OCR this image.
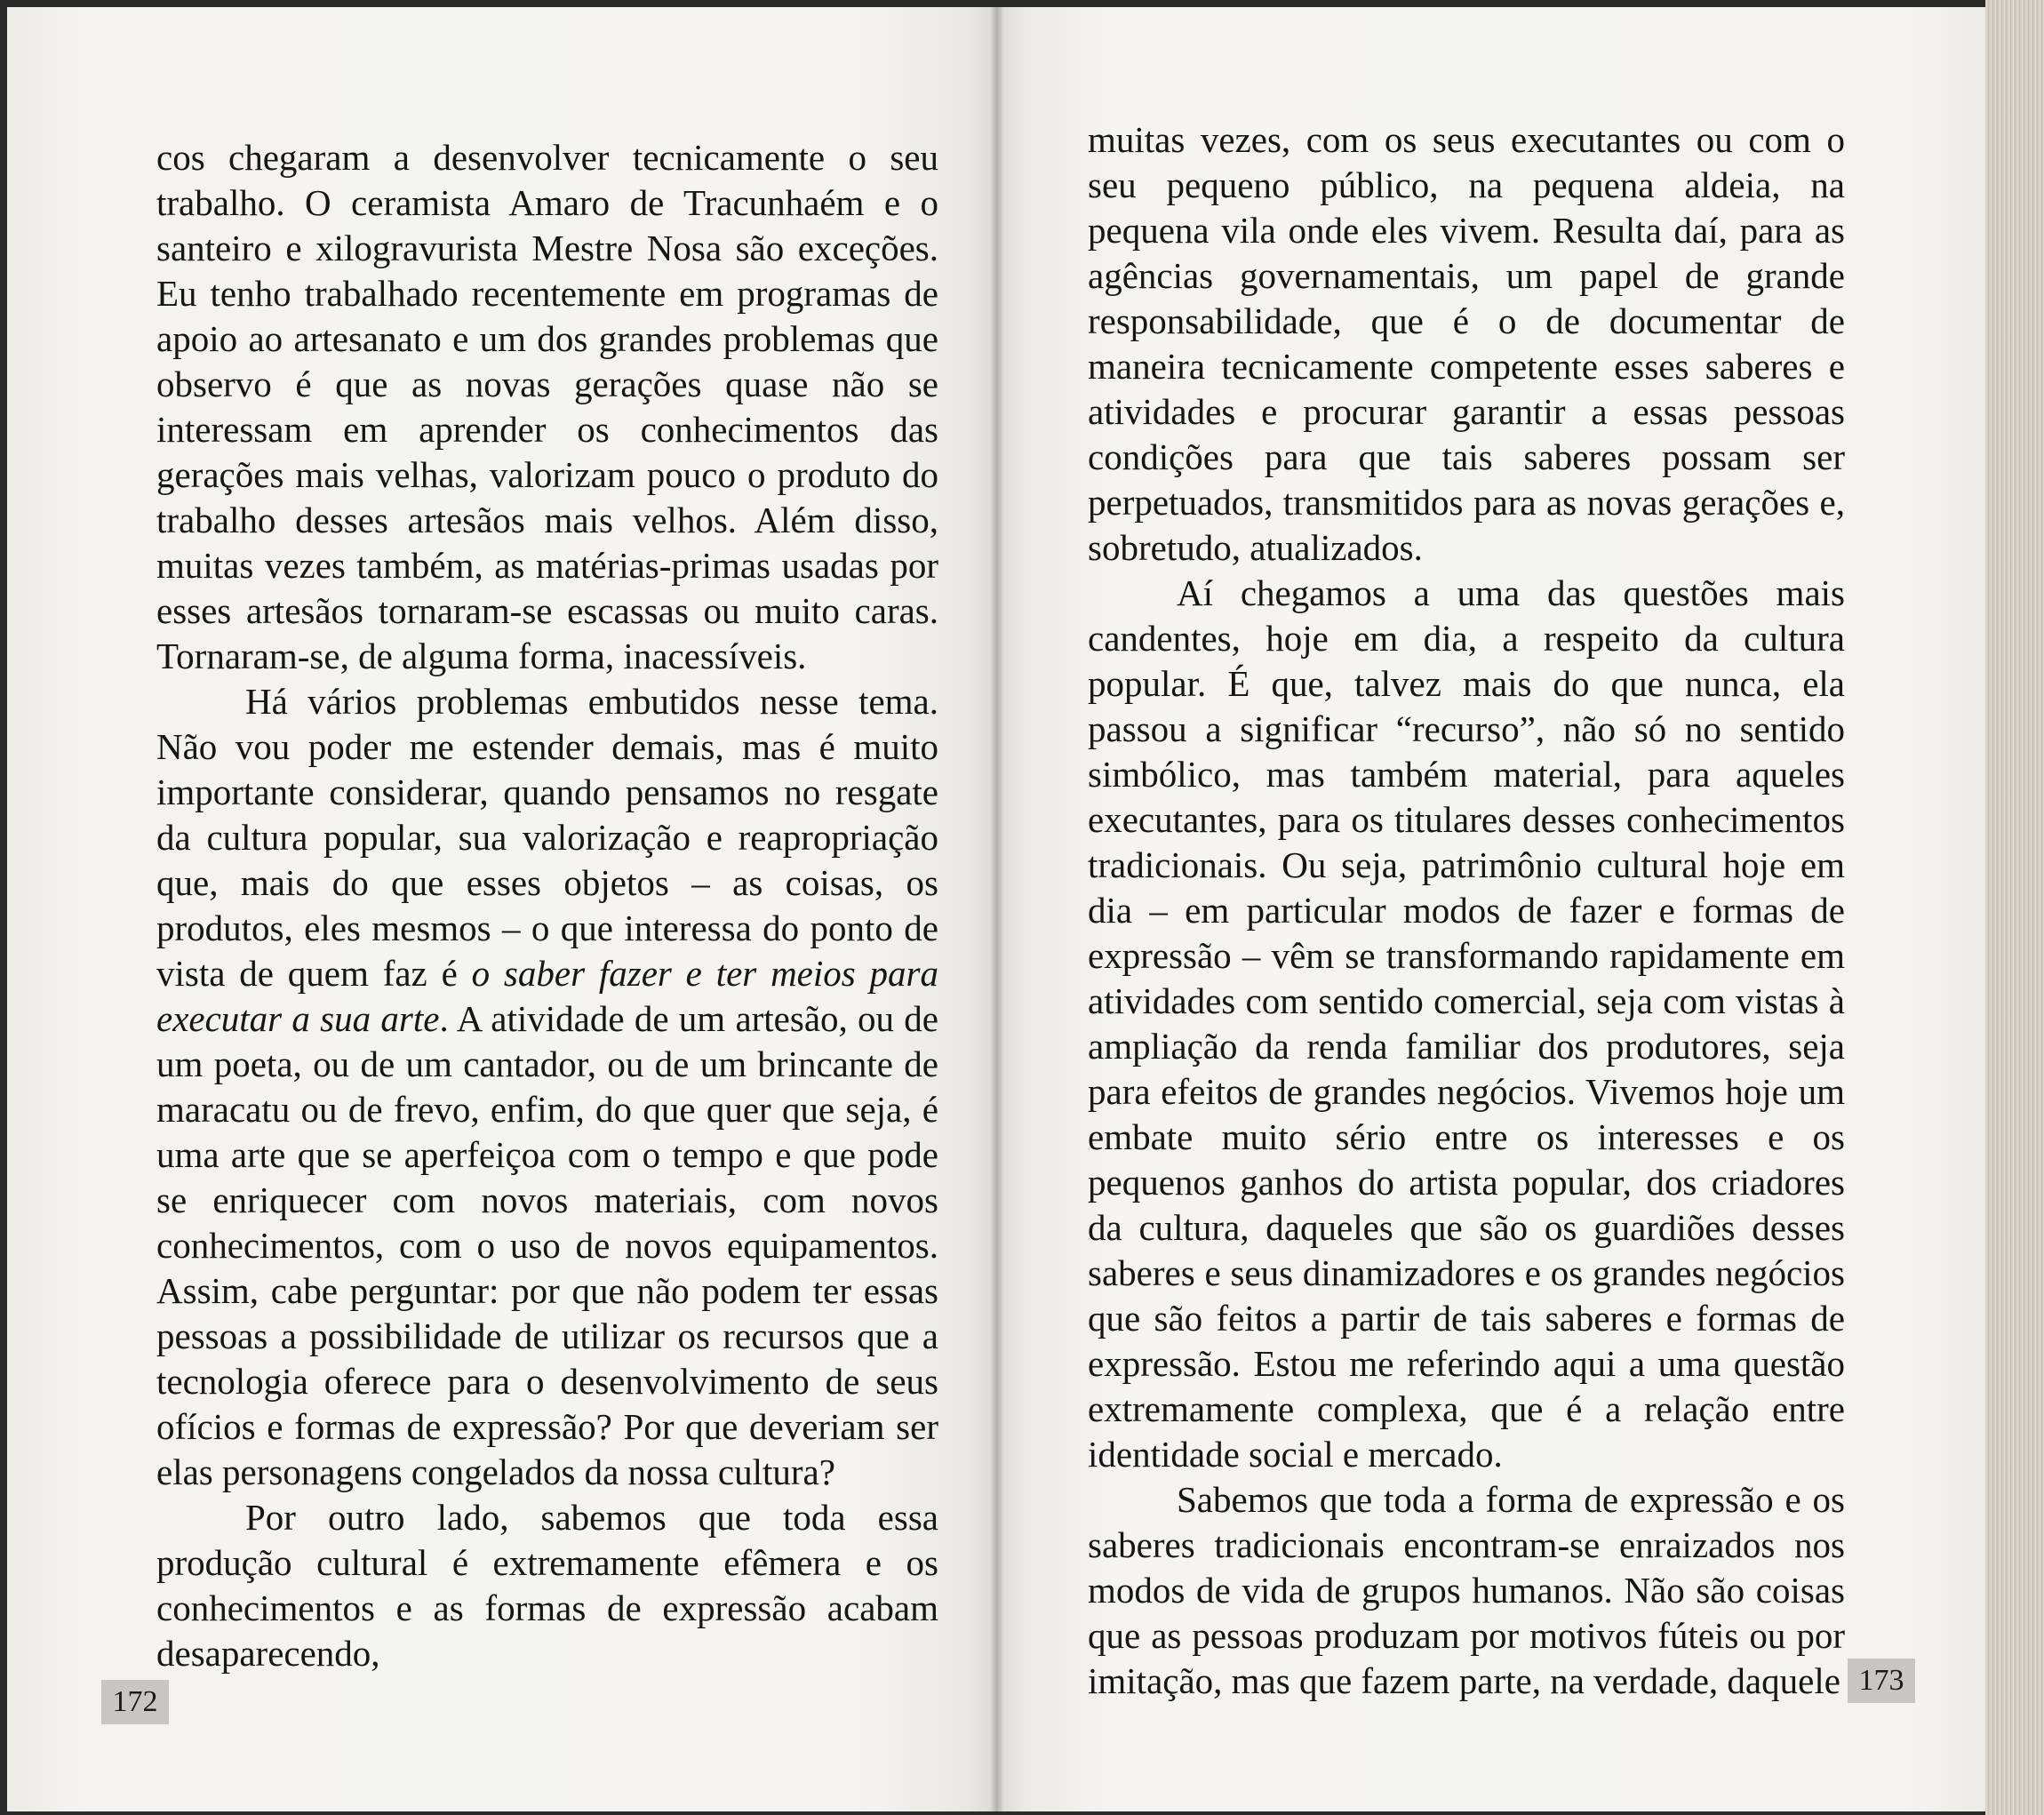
cos chegaram a desenvolver tecnicamente o seu trabalho. O ceramista Amaro de Tracunhaém e o santeiro e xilogravurista Mestre Nosa são exceções. Eu tenho trabalhado recentemente em programas de apoio ao artesanato e um dos grandes problemas que observo é que as novas gerações quase não se interessam em aprender os conhecimentos das gerações mais velhas, valorizam pouco o produto do trabalho desses artesãos mais velhos. Além disso, muitas vezes também, as matérias-primas usadas por esses artesãos tornaram-se escassas ou muito caras. Tornaram-se, de alguma forma, inacessíveis.

Há vários problemas embutidos nesse tema. Não vou poder me estender demais, mas é muito importante considerar, quando pensamos no resgate da cultura popular, sua valorização e reapropriação que, mais do que esses objetos – as coisas, os produtos, eles mesmos – o que interessa do ponto de vista de quem faz é o saber fazer e ter meios para executar a sua arte. A atividade de um artesão, ou de um poeta, ou de um cantador, ou de um brincante de maracatu ou de frevo, enfim, do que quer que seja, é uma arte que se aperfeiçoa com o tempo e que pode se enriquecer com novos materiais, com novos conhecimentos, com o uso de novos equipamentos. Assim, cabe perguntar: por que não podem ter essas pessoas a possibilidade de utilizar os recursos que a tecnologia oferece para o desenvolvimento de seus ofícios e formas de expressão? Por que deveriam ser elas personagens congelados da nossa cultura?

Por outro lado, sabemos que toda essa produção cultural é extremamente efêmera e os conhecimentos e as formas de expressão acabam desaparecendo,

172

muitas vezes, com os seus executantes ou com o seu pequeno público, na pequena aldeia, na pequena vila onde eles vivem. Resulta daí, para as agências governamentais, um papel de grande responsabilidade, que é o de documentar de maneira tecnicamente competente esses saberes e atividades e procurar garantir a essas pessoas condições para que tais saberes possam ser perpetuados, transmitidos para as novas gerações e, sobretudo, atualizados.

Aí chegamos a uma das questões mais candentes, hoje em dia, a respeito da cultura popular. É que, talvez mais do que nunca, ela passou a significar “recurso”, não só no sentido simbólico, mas também material, para aqueles executantes, para os titulares desses conhecimentos tradicionais. Ou seja, patrimônio cultural hoje em dia – em particular modos de fazer e formas de expressão – vêm se transformando rapidamente em atividades com sentido comercial, seja com vistas à ampliação da renda familiar dos produtores, seja para efeitos de grandes negócios. Vivemos hoje um embate muito sério entre os interesses e os pequenos ganhos do artista popular, dos criadores da cultura, daqueles que são os guardiões desses saberes e seus dinamizadores e os grandes negócios que são feitos a partir de tais saberes e formas de expressão. Estou me referindo aqui a uma questão extremamente complexa, que é a relação entre identidade social e mercado.

Sabemos que toda a forma de expressão e os saberes tradicionais encontram-se enraizados nos modos de vida de grupos humanos. Não são coisas que as pessoas produzam por motivos fúteis ou por imitação, mas que fazem parte, na verdade, daquele 173
